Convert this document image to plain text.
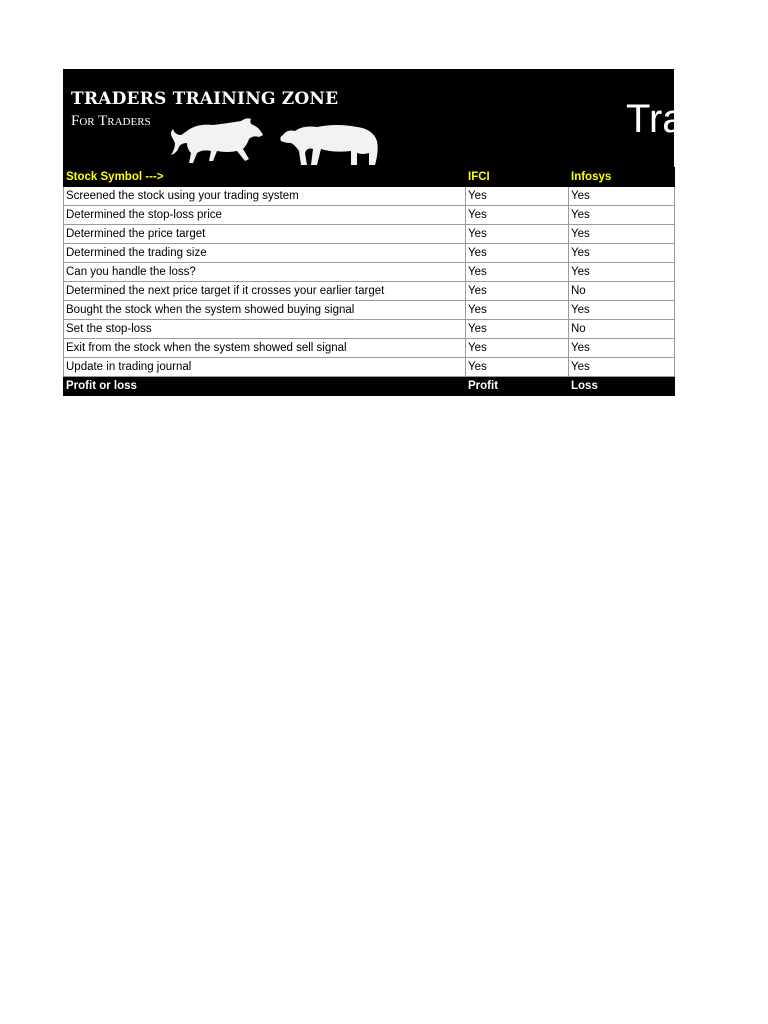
TRADERS TRAINING ZONE
For Traders	Tra
Stock Symbol --->	IFCI	Infosys
Screened the stock using your trading system	Yes	Yes
Determined the stop-loss price	Yes	Yes
Determined the price target	Yes	Yes
Determined the trading size	Yes	Yes
Can you handle the loss?	Yes	Yes
Determined the next price target if it crosses your earlier target	Yes	No
Bought the stock when the system showed buying signal	Yes	Yes
Set the stop-loss	Yes	No
Exit from the stock when the system showed sell signal	Yes	Yes
Update in trading journal	Yes	Yes
Profit or loss	Profit	Loss
